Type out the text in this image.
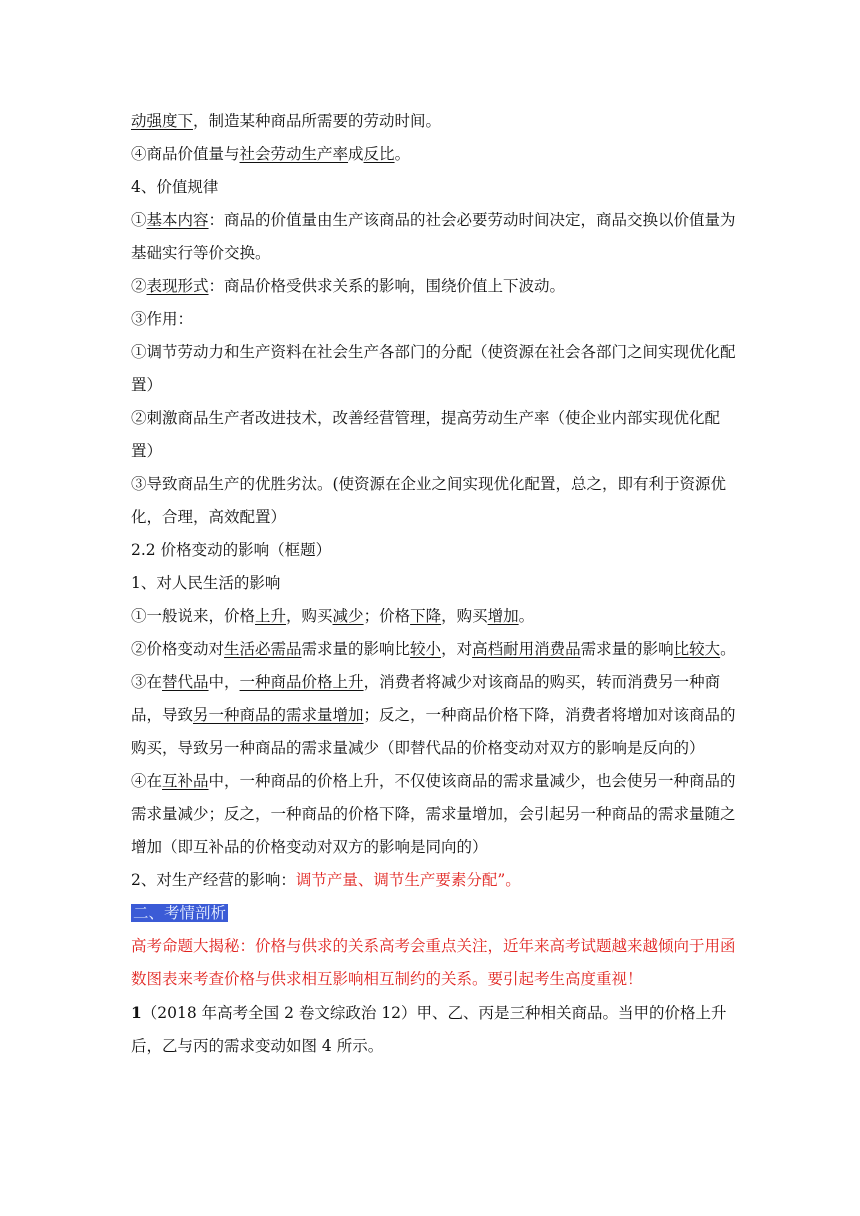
动强度下，制造某种商品所需要的劳动时间。

④商品价值量与社会劳动生产率成反比。

4、价值规律

①基本内容：商品的价值量由生产该商品的社会必要劳动时间决定，商品交换以价值量为基础实行等价交换。

②表现形式：商品价格受供求关系的影响，围绕价值上下波动。

③作用：

①调节劳动力和生产资料在社会生产各部门的分配（使资源在社会各部门之间实现优化配置）

②刺激商品生产者改进技术，改善经营管理，提高劳动生产率（使企业内部实现优化配置）

③导致商品生产的优胜劣汰。(使资源在企业之间实现优化配置，总之，即有利于资源优化，合理，高效配置）

2.2 价格变动的影响（框题）

1、对人民生活的影响

①一般说来，价格上升，购买减少；价格下降，购买增加。

②价格变动对生活必需品需求量的影响比较小，对高档耐用消费品需求量的影响比较大。

③在替代品中，一种商品价格上升，消费者将减少对该商品的购买，转而消费另一种商品，导致另一种商品的需求量增加；反之，一种商品价格下降，消费者将增加对该商品的购买，导致另一种商品的需求量减少（即替代品的价格变动对双方的影响是反向的）

④在互补品中，一种商品的价格上升，不仅使该商品的需求量减少，也会使另一种商品的需求量减少；反之，一种商品的价格下降，需求量增加，会引起另一种商品的需求量随之增加（即互补品的价格变动对双方的影响是同向的）

2、对生产经营的影响：调节产量、调节生产要素分配”。

二、考情剖析

高考命题大揭秘：价格与供求的关系高考会重点关注，近年来高考试题越来越倾向于用函数图表来考查价格与供求相互影响相互制约的关系。要引起考生高度重视！

1（2018 年高考全国 2 卷文综政治 12）甲、乙、丙是三种相关商品。当甲的价格上升后，乙与丙的需求变动如图 4 所示。
